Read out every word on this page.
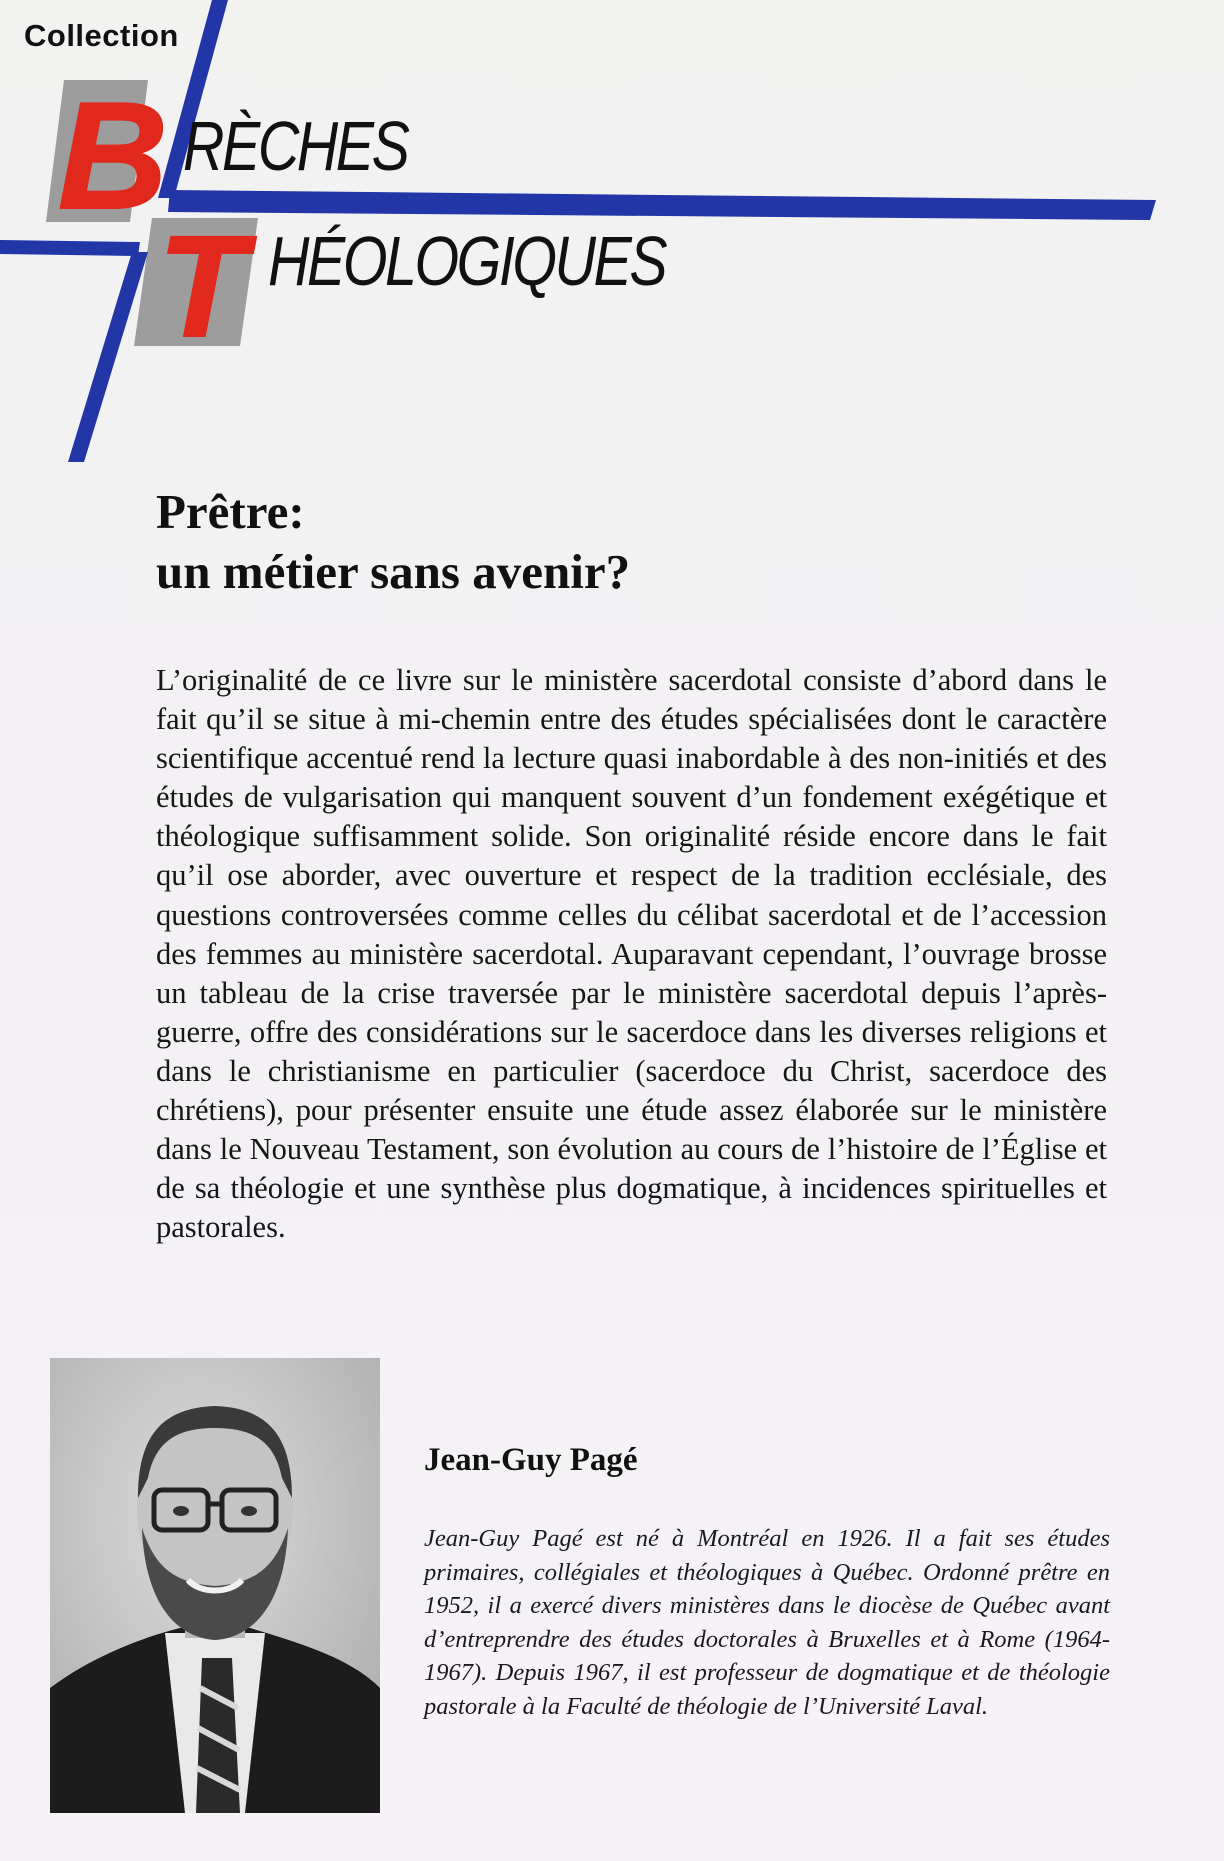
B
T
Collection
RÈCHES
HÉOLOGIQUES
Prêtre:
un métier sans avenir?
L’originalité de ce livre sur le ministère sacerdotal consiste d’abord dans le fait qu’il se situe à mi-chemin entre des études spécialisées dont le caractère scientifique accentué rend la lecture quasi inabordable à des non-initiés et des études de vulgarisation qui manquent souvent d’un fondement exégétique et théologique suffisamment solide. Son originalité réside encore dans le fait qu’il ose aborder, avec ouverture et respect de la tradition ecclésiale, des questions controversées comme celles du célibat sacerdotal et de l’accession des femmes au ministère sacerdotal. Auparavant cependant, l’ouvrage brosse un tableau de la crise traversée par le ministère sacerdotal depuis l’après-guerre, offre des considérations sur le sacerdoce dans les diverses religions et dans le christianisme en particulier (sacerdoce du Christ, sacerdoce des chrétiens), pour présenter ensuite une étude assez élaborée sur le ministère dans le Nouveau Testament, son évolution au cours de l’histoire de l’Église et de sa théologie et une synthèse plus dogmatique, à incidences spirituelles et pastorales.
Jean-Guy Pagé
Jean-Guy Pagé est né à Montréal en 1926. Il a fait ses études primaires, collégiales et théologiques à Québec. Ordonné prêtre en 1952, il a exercé divers ministères dans le diocèse de Québec avant d’entreprendre des études doctorales à Bruxelles et à Rome (1964-1967). Depuis 1967, il est professeur de dogmatique et de théologie pastorale à la Faculté de théologie de l’Université Laval.
